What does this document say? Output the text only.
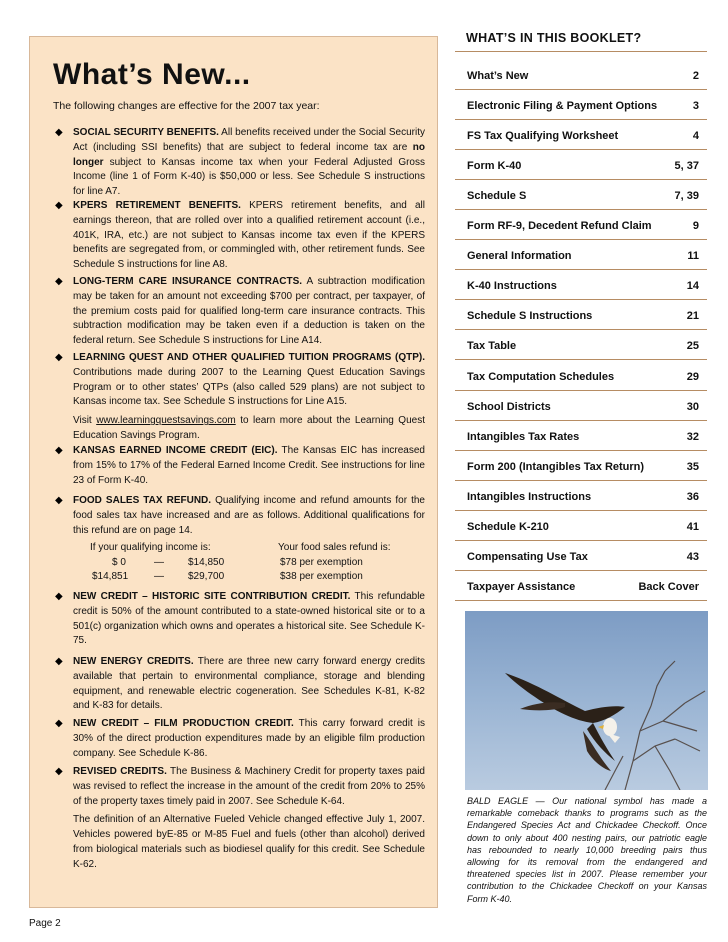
What’s New...
The following changes are effective for the 2007 tax year:
◆	SOCIAL SECURITY BENEFITS. All benefits received under the Social Security Act (including SSI benefits) that are subject to federal income tax are no longer subject to Kansas income tax when your Federal Adjusted Gross Income (line 1 of Form K-40) is $50,000 or less. See Schedule S instructions for line A7.
◆	KPERS RETIREMENT BENEFITS. KPERS retirement benefits, and all earnings thereon, that are rolled over into a qualified retirement account (i.e., 401K, IRA, etc.) are not subject to Kansas income tax even if the KPERS benefits are segregated from, or commingled with, other retirement funds. See Schedule S instructions for line A8.
◆	LONG-TERM CARE INSURANCE CONTRACTS. A subtraction modification may be taken for an amount not exceeding $700 per contract, per taxpayer, of the premium costs paid for qualified long-term care insurance contracts. This subtraction modification may be taken even if a deduction is taken on the federal return. See Schedule S instructions for Line A14.
◆	LEARNING QUEST AND OTHER QUALIFIED TUITION PROGRAMS (QTP). Contributions made during 2007 to the Learning Quest Education Savings Program or to other states’ QTPs (also called 529 plans) are not subject to Kansas income tax. See Schedule S instructions for Line A15.

Visit www.learningquestsavings.com to learn more about the Learning Quest Education Savings Program.

◆	KANSAS EARNED INCOME CREDIT (EIC). The Kansas EIC has increased from 15% to 17% of the Federal Earned Income Credit. See instructions for line 23 of Form K-40.
◆	FOOD SALES TAX REFUND. Qualifying income and refund amounts for the food sales tax have increased and are as follows. Additional qualifications for this refund are on page 14.
If your qualifying income is:	Your food sales refund is:
$ 0	— $14,850	$78 per exemption
$14,851	— $29,700	$38 per exemption
◆	NEW CREDIT – HISTORIC SITE CONTRIBUTION CREDIT. This refundable credit is 50% of the amount contributed to a state-owned historical site or to a 501(c) organization which owns and operates a historical site. See Schedule K-75.
◆	NEW ENERGY CREDITS. There are three new carry forward energy credits available that pertain to environmental compliance, storage and blending equipment, and renewable electric cogeneration. See Schedules K-81, K-82 and K-83 for details.
◆	NEW CREDIT – FILM PRODUCTION CREDIT. This carry forward credit is 30% of the direct production expenditures made by an eligible film production company. See Schedule K-86.
◆	REVISED CREDITS. The Business & Machinery Credit for property taxes paid was revised to reflect the increase in the amount of the credit from 20% to 25% of the property taxes timely paid in 2007. See Schedule K-64.

The definition of an Alternative Fueled Vehicle changed effective July 1, 2007. Vehicles powered byE-85 or M-85 Fuel and fuels (other than alcohol) derived from biological materials such as biodiesel qualify for this credit. See Schedule K-62.

WHAT’S IN THIS BOOKLET?
What’s New	2
Electronic Filing & Payment Options	3
FS Tax Qualifying Worksheet	4
Form K-40	5, 37
Schedule S	7, 39
Form RF-9, Decedent Refund Claim	9
General Information	11
K-40 Instructions	14
Schedule S Instructions	21
Tax Table	25
Tax Computation Schedules	29
School Districts	30
Intangibles Tax Rates	32
Form 200 (Intangibles Tax Return)	35
Intangibles Instructions	36
Schedule K-210	41
Compensating Use Tax	43
Taxpayer Assistance	Back Cover
BALD EAGLE — Our national symbol has made a remarkable comeback thanks to programs such as the Endangered Species Act and Chickadee Checkoff. Once down to only about 400 nesting pairs, our patriotic eagle has rebounded to nearly 10,000 breeding pairs thus allowing for its removal from the endangered and threatened species list in 2007. Please remember your contribution to the Chickadee Checkoff on your Kansas Form K-40.
Page 2
